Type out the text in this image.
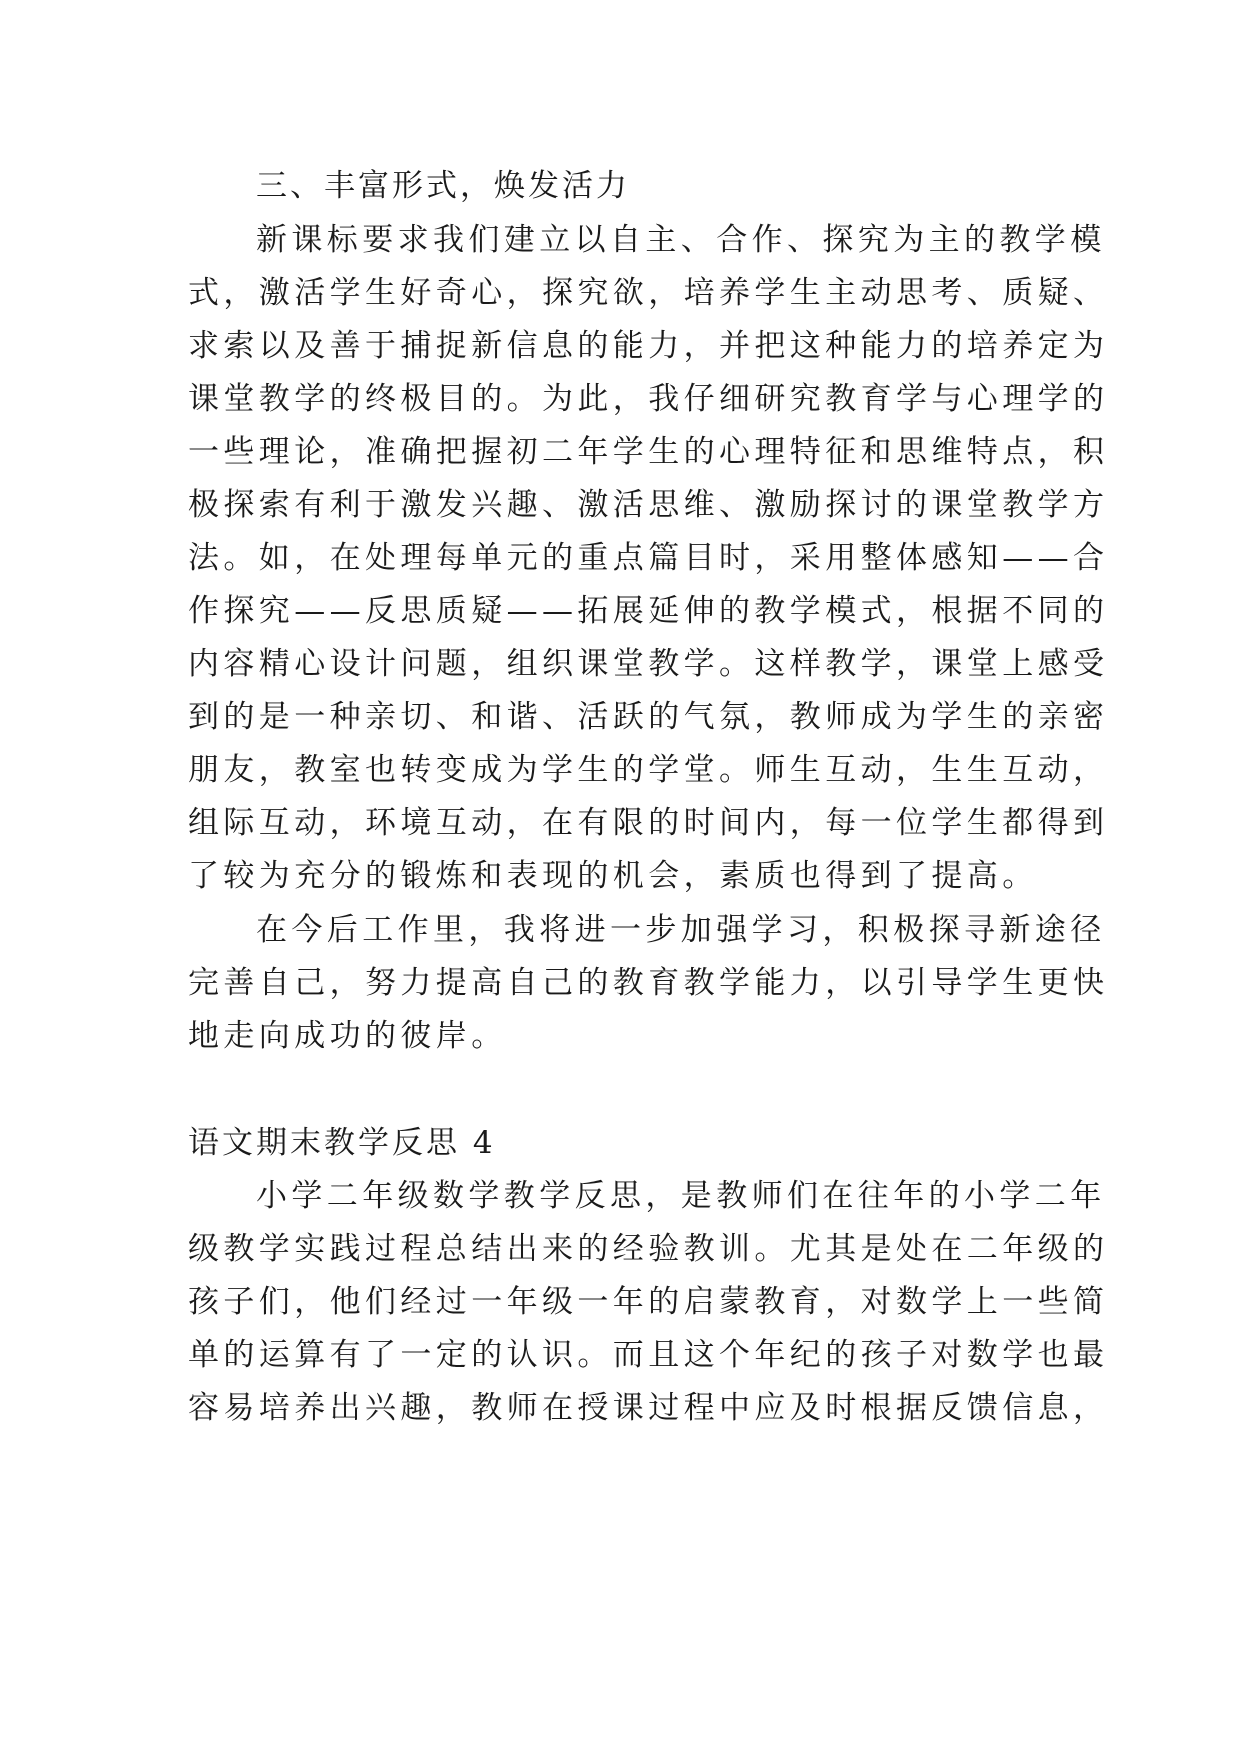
三、丰富形式，焕发活力
新课标要求我们建立以自主、合作、探究为主的教学模
式，激活学生好奇心，探究欲，培养学生主动思考、质疑、
求索以及善于捕捉新信息的能力，并把这种能力的培养定为
课堂教学的终极目的。为此，我仔细研究教育学与心理学的
一些理论，准确把握初二年学生的心理特征和思维特点，积
极探索有利于激发兴趣、激活思维、激励探讨的课堂教学方
法。如，在处理每单元的重点篇目时，采用整体感知——合
作探究——反思质疑——拓展延伸的教学模式，根据不同的
内容精心设计问题，组织课堂教学。这样教学，课堂上感受
到的是一种亲切、和谐、活跃的气氛，教师成为学生的亲密
朋友，教室也转变成为学生的学堂。师生互动，生生互动，
组际互动，环境互动，在有限的时间内，每一位学生都得到
了较为充分的锻炼和表现的机会，素质也得到了提高。
在今后工作里，我将进一步加强学习，积极探寻新途径
完善自己，努力提高自己的教育教学能力，以引导学生更快
地走向成功的彼岸。
语文期末教学反思 4
小学二年级数学教学反思，是教师们在往年的小学二年
级教学实践过程总结出来的经验教训。尤其是处在二年级的
孩子们，他们经过一年级一年的启蒙教育，对数学上一些简
单的运算有了一定的认识。而且这个年纪的孩子对数学也最
容易培养出兴趣，教师在授课过程中应及时根据反馈信息，
